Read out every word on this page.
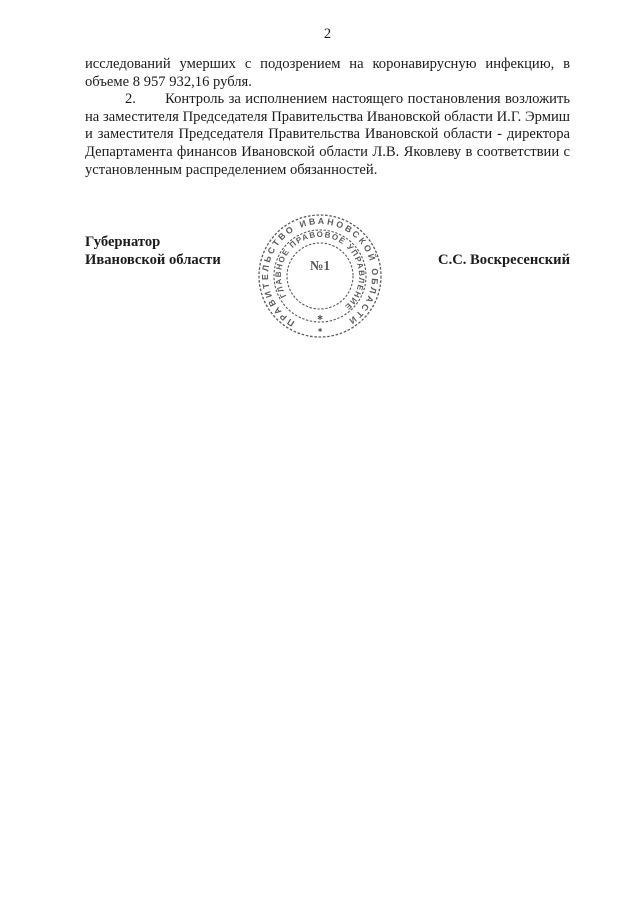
2

исследований умерших с подозрением на коронавирусную инфекцию, в объеме 8 957 932,16 рубля.

2.  Контроль за исполнением настоящего постановления возложить на заместителя Председателя Правительства Ивановской области И.Г. Эрмиш и заместителя Председателя Правительства Ивановской области - директора Департамента финансов Ивановской области Л.В. Яковлеву в соответствии с установленным распределением обязанностей.

Губернатор
Ивановской области	С.С. Воскресенский
ПРАВИТЕЛЬСТВО ИВАНОВСКОЙ ОБЛАСТИ
ГЛАВНОЕ ПРАВОВОЕ УПРАВЛЕНИЕ
№1
✱
✱
